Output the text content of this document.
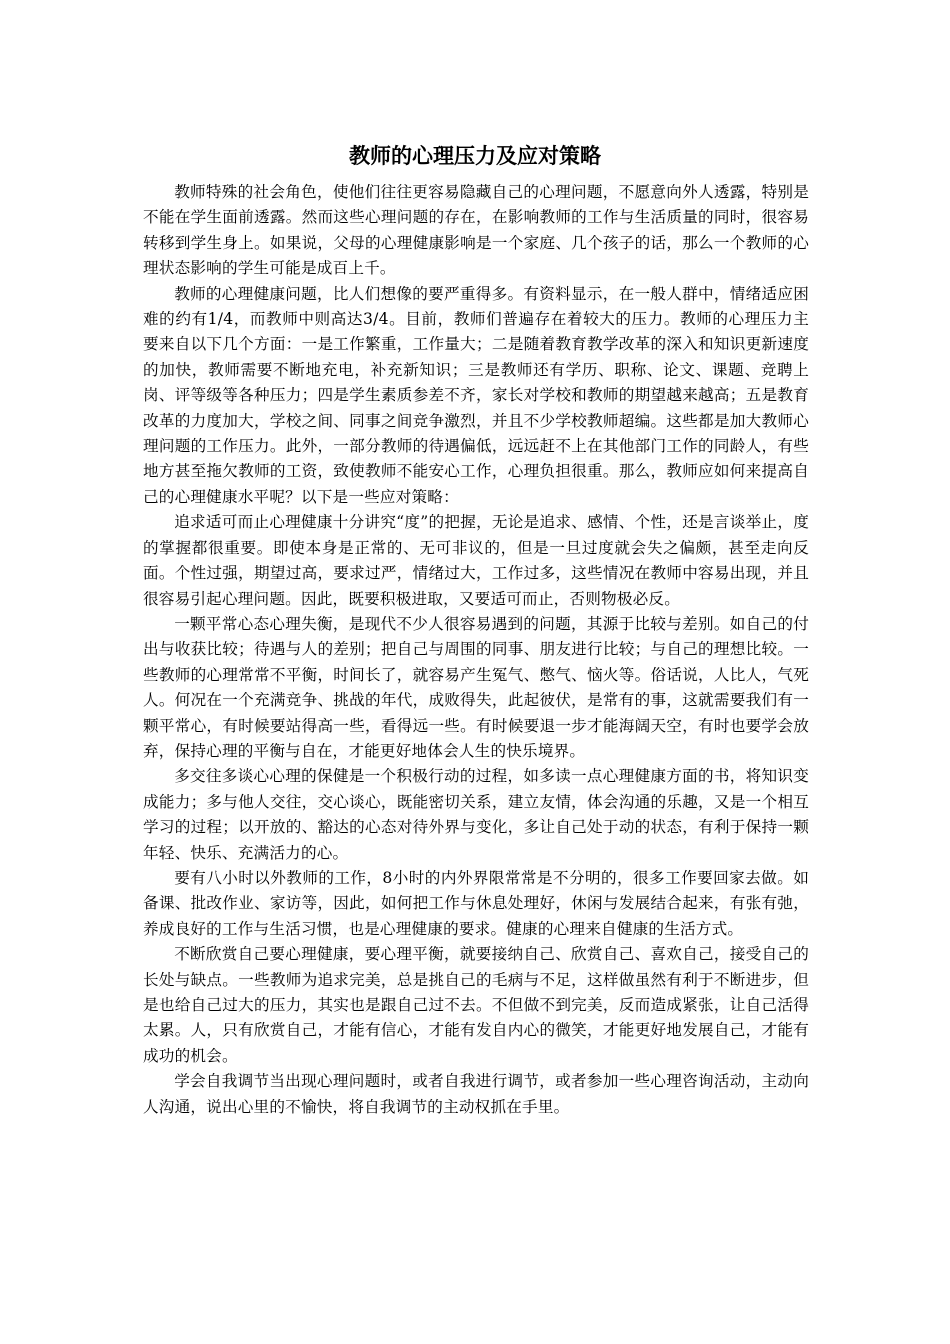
教师的心理压力及应对策略

教师特殊的社会角色，使他们往往更容易隐藏自己的心理问题，不愿意向外人透露，特别是不能在学生面前透露。然而这些心理问题的存在，在影响教师的工作与生活质量的同时，很容易转移到学生身上。如果说，父母的心理健康影响是一个家庭、几个孩子的话，那么一个教师的心理状态影响的学生可能是成百上千。

教师的心理健康问题，比人们想像的要严重得多。有资料显示，在一般人群中，情绪适应困难的约有1/4，而教师中则高达3/4。目前，教师们普遍存在着较大的压力。教师的心理压力主要来自以下几个方面：一是工作繁重，工作量大；二是随着教育教学改革的深入和知识更新速度的加快，教师需要不断地充电，补充新知识；三是教师还有学历、职称、论文、课题、竞聘上岗、评等级等各种压力；四是学生素质参差不齐，家长对学校和教师的期望越来越高；五是教育改革的力度加大，学校之间、同事之间竞争激烈，并且不少学校教师超编。这些都是加大教师心理问题的工作压力。此外，一部分教师的待遇偏低，远远赶不上在其他部门工作的同龄人，有些地方甚至拖欠教师的工资，致使教师不能安心工作，心理负担很重。那么，教师应如何来提高自己的心理健康水平呢？以下是一些应对策略：

追求适可而止心理健康十分讲究“度”的把握，无论是追求、感情、个性，还是言谈举止，度的掌握都很重要。即使本身是正常的、无可非议的，但是一旦过度就会失之偏颇，甚至走向反面。个性过强，期望过高，要求过严，情绪过大，工作过多，这些情况在教师中容易出现，并且很容易引起心理问题。因此，既要积极进取，又要适可而止，否则物极必反。

一颗平常心态心理失衡，是现代不少人很容易遇到的问题，其源于比较与差别。如自己的付出与收获比较；待遇与人的差别；把自己与周围的同事、朋友进行比较；与自己的理想比较。一些教师的心理常常不平衡，时间长了，就容易产生冤气、憋气、恼火等。俗话说，人比人，气死人。何况在一个充满竞争、挑战的年代，成败得失，此起彼伏，是常有的事，这就需要我们有一颗平常心，有时候要站得高一些，看得远一些。有时候要退一步才能海阔天空，有时也要学会放弃，保持心理的平衡与自在，才能更好地体会人生的快乐境界。

多交往多谈心心理的保健是一个积极行动的过程，如多读一点心理健康方面的书，将知识变成能力；多与他人交往，交心谈心，既能密切关系，建立友情，体会沟通的乐趣，又是一个相互学习的过程；以开放的、豁达的心态对待外界与变化，多让自己处于动的状态，有利于保持一颗年轻、快乐、充满活力的心。

要有八小时以外教师的工作，8小时的内外界限常常是不分明的，很多工作要回家去做。如备课、批改作业、家访等，因此，如何把工作与休息处理好，休闲与发展结合起来，有张有弛，养成良好的工作与生活习惯，也是心理健康的要求。健康的心理来自健康的生活方式。

不断欣赏自己要心理健康，要心理平衡，就要接纳自己、欣赏自己、喜欢自己，接受自己的长处与缺点。一些教师为追求完美，总是挑自己的毛病与不足，这样做虽然有利于不断进步，但是也给自己过大的压力，其实也是跟自己过不去。不但做不到完美，反而造成紧张，让自己活得太累。人，只有欣赏自己，才能有信心，才能有发自内心的微笑，才能更好地发展自己，才能有成功的机会。

学会自我调节当出现心理问题时，或者自我进行调节，或者参加一些心理咨询活动，主动向人沟通，说出心里的不愉快，将自我调节的主动权抓在手里。
